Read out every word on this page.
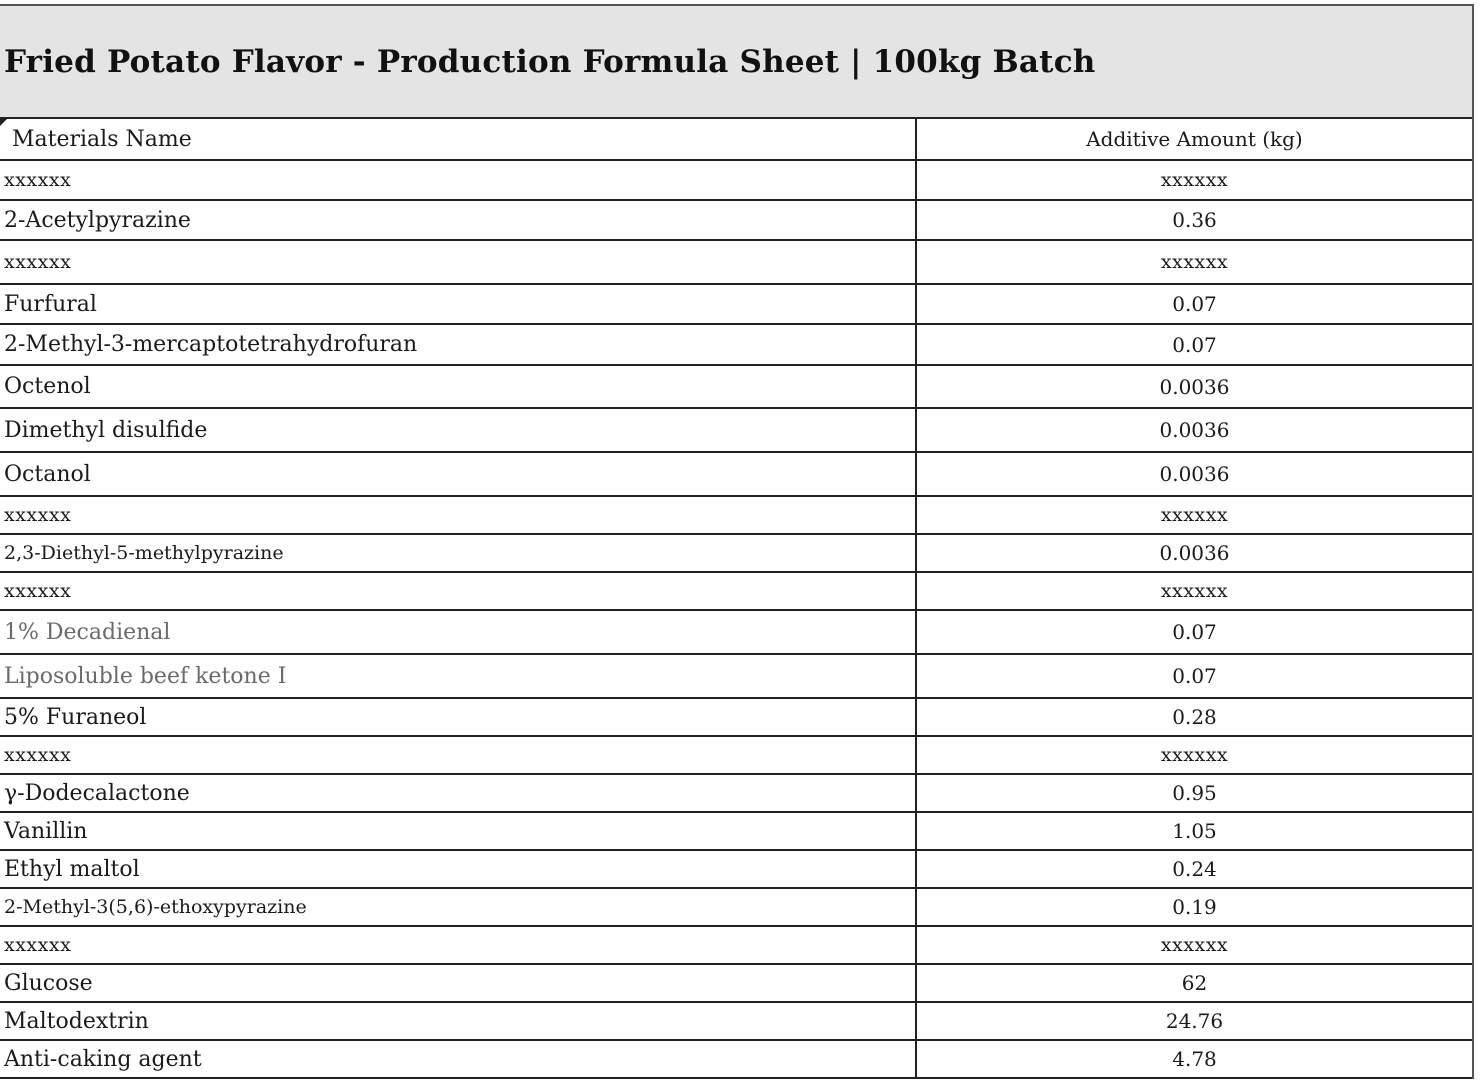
Fried Potato Flavor - Production Formula Sheet | 100kg Batch
Materials Name	Additive Amount (kg)
xxxxxx	xxxxxx
2-Acetylpyrazine	0.36
xxxxxx	xxxxxx
Furfural	0.07
2-Methyl-3-mercaptotetrahydrofuran	0.07
Octenol	0.0036
Dimethyl disulfide	0.0036
Octanol	0.0036
xxxxxx	xxxxxx
2,3-Diethyl-5-methylpyrazine	0.0036
xxxxxx	xxxxxx
1% Decadienal	0.07
Liposoluble beef ketone I	0.07
5% Furaneol	0.28
xxxxxx	xxxxxx
γ-Dodecalactone	0.95
Vanillin	1.05
Ethyl maltol	0.24
2-Methyl-3(5,6)-ethoxypyrazine	0.19
xxxxxx	xxxxxx
Glucose	62
Maltodextrin	24.76
Anti-caking agent	4.78
